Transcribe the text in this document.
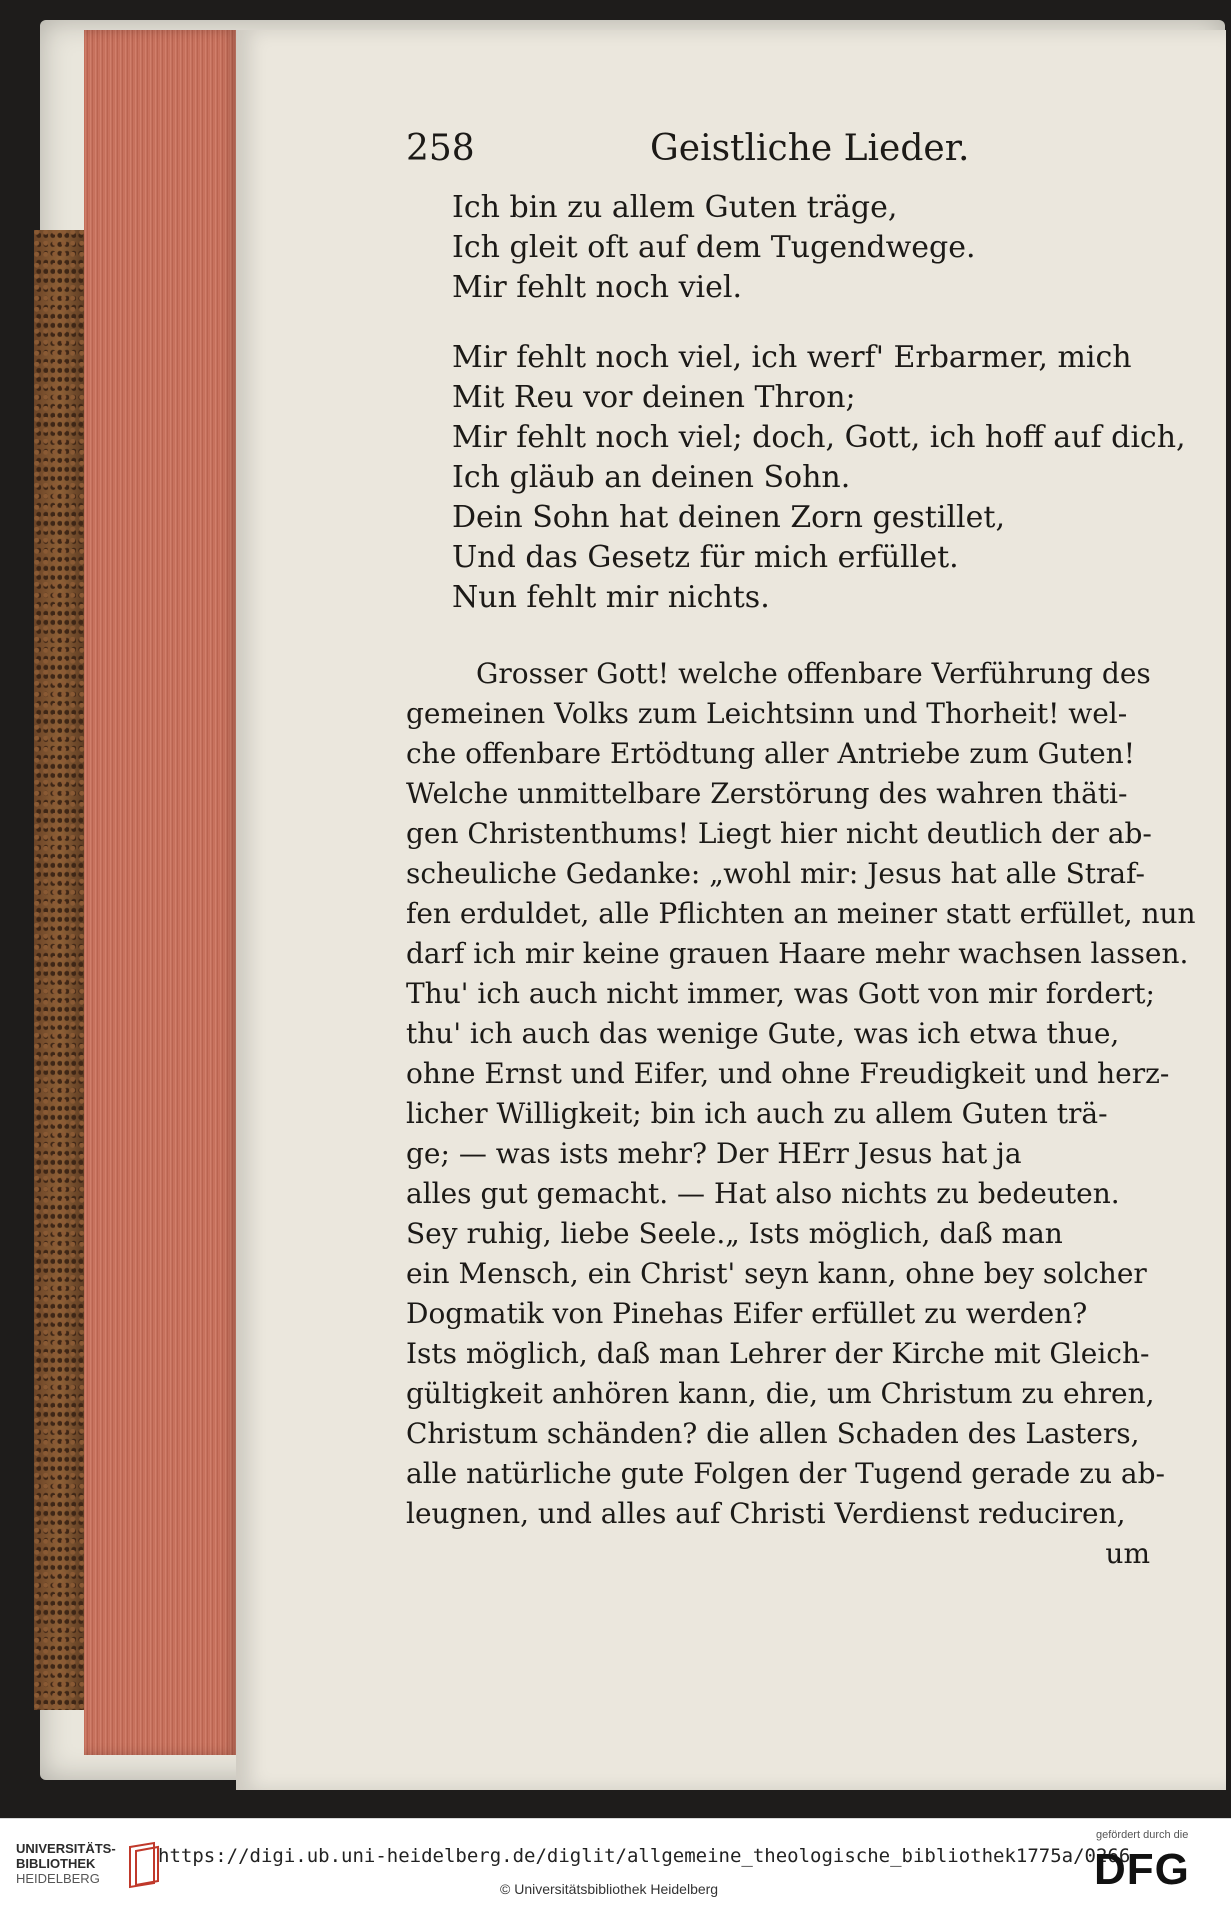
258	Geistliche Lieder.
Ich bin zu allem Guten träge,
Ich gleit oft auf dem Tugendwege.
Mir fehlt noch viel.
Mir fehlt noch viel, ich werf' Erbarmer, mich
Mit Reu vor deinen Thron;
Mir fehlt noch viel; doch, Gott, ich hoff auf dich,
Ich gläub an deinen Sohn.
Dein Sohn hat deinen Zorn gestillet,
Und das Gesetz für mich erfüllet.
Nun fehlt mir nichts.
Grosser Gott! welche offenbare Verführung des
gemeinen Volks zum Leichtsinn und Thorheit! wel-
che offenbare Ertödtung aller Antriebe zum Guten!
Welche unmittelbare Zerstörung des wahren thäti-
gen Christenthums! Liegt hier nicht deutlich der ab-
scheuliche Gedanke: „wohl mir: Jesus hat alle Straf-
fen erduldet, alle Pflichten an meiner statt erfüllet, nun
darf ich mir keine grauen Haare mehr wachsen lassen.
Thu' ich auch nicht immer, was Gott von mir fordert;
thu' ich auch das wenige Gute, was ich etwa thue,
ohne Ernst und Eifer, und ohne Freudigkeit und herz-
licher Willigkeit; bin ich auch zu allem Guten trä-
ge; — was ists mehr? Der HErr Jesus hat ja
alles gut gemacht. — Hat also nichts zu bedeuten.
Sey ruhig, liebe Seele.„ Ists möglich, daß man
ein Mensch, ein Christ' seyn kann, ohne bey solcher
Dogmatik von Pinehas Eifer erfüllet zu werden?
Ists möglich, daß man Lehrer der Kirche mit Gleich-
gültigkeit anhören kann, die, um Christum zu ehren,
Christum schänden? die allen Schaden des Lasters,
alle natürliche gute Folgen der Tugend gerade zu ab-
leugnen, und alles auf Christi Verdienst reduciren,
um
UNIVERSITÄTS-
BIBLIOTHEK
HEIDELBERG
https://digi.ub.uni-heidelberg.de/diglit/allgemeine_theologische_bibliothek1775a/0266
© Universitätsbibliothek Heidelberg
gefördert durch die
DFG
